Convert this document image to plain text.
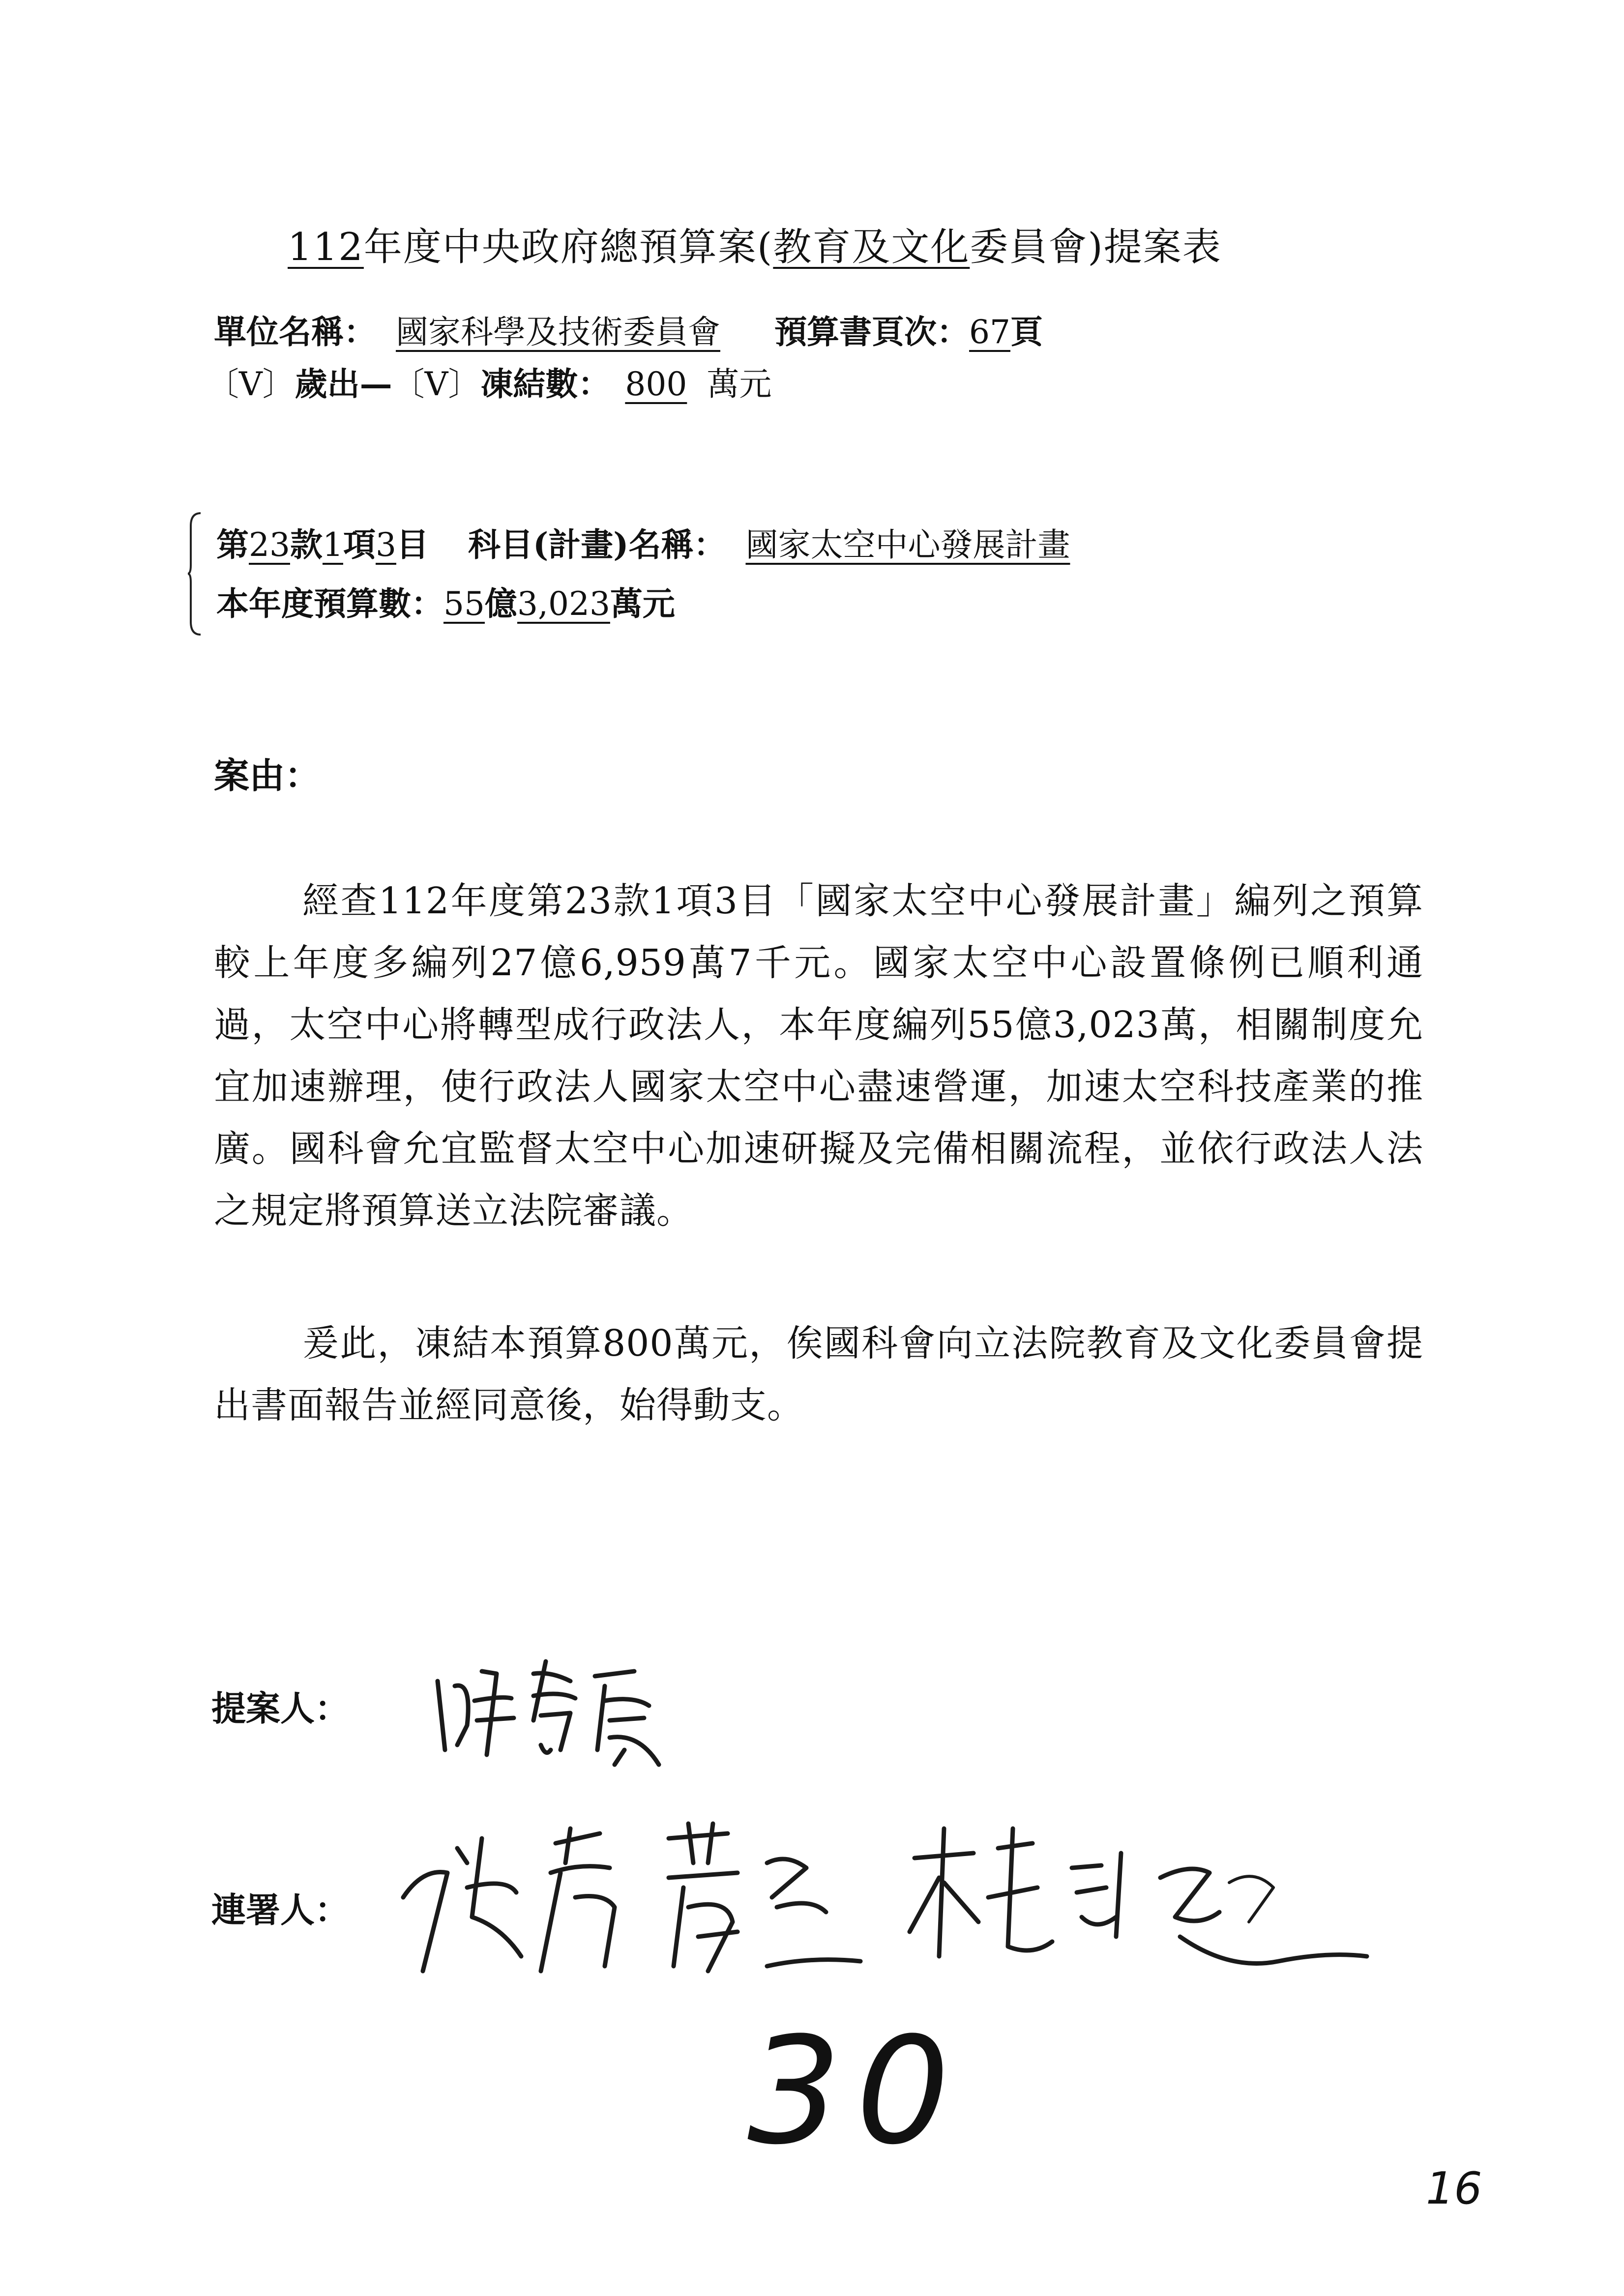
112年度中央政府總預算案(教育及文化委員會)提案表
單位名稱： 國家科學及技術委員會 預算書頁次：67頁
〔V〕歲出—〔V〕凍結數： 800 萬元
第23款1項3目 科目(計畫)名稱： 國家太空中心發展計畫
本年度預算數：55億3,023萬元
案由：
經查112年度第23款1項3目「國家太空中心發展計畫」編列之預算較上年度多編列27億6,959萬7千元。國家太空中心設置條例已順利通過，太空中心將轉型成行政法人，本年度編列55億3,023萬，相關制度允宜加速辦理，使行政法人國家太空中心盡速營運，加速太空科技產業的推廣。國科會允宜監督太空中心加速研擬及完備相關流程，並依行政法人法之規定將預算送立法院審議。
爰此，凍結本預算800萬元，俟國科會向立法院教育及文化委員會提出書面報告並經同意後，始得動支。
提案人：
連署人：
30
16
